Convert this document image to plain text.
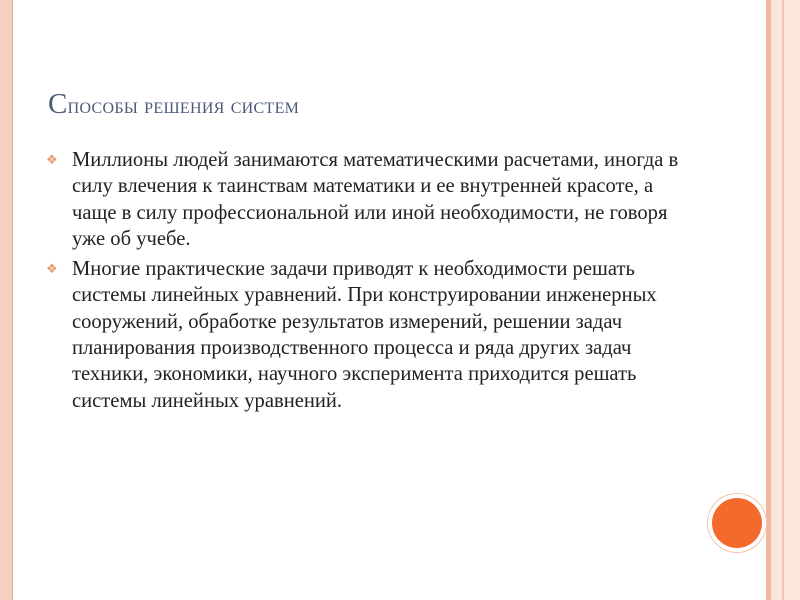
Способы решения систем
❖ Миллионы людей занимаются математическими расчетами, иногда в силу влечения к таинствам математики и ее внутренней красоте, а чаще в силу профессиональной или иной необходимости, не говоря уже об учебе.
❖ Многие практические задачи приводят к необходимости решать системы линейных уравнений. При конструировании инженерных сооружений, обработке результатов измерений, решении задач планирования производственного процесса и ряда других задач техники, экономики, научного эксперимента приходится решать системы линейных уравнений.
